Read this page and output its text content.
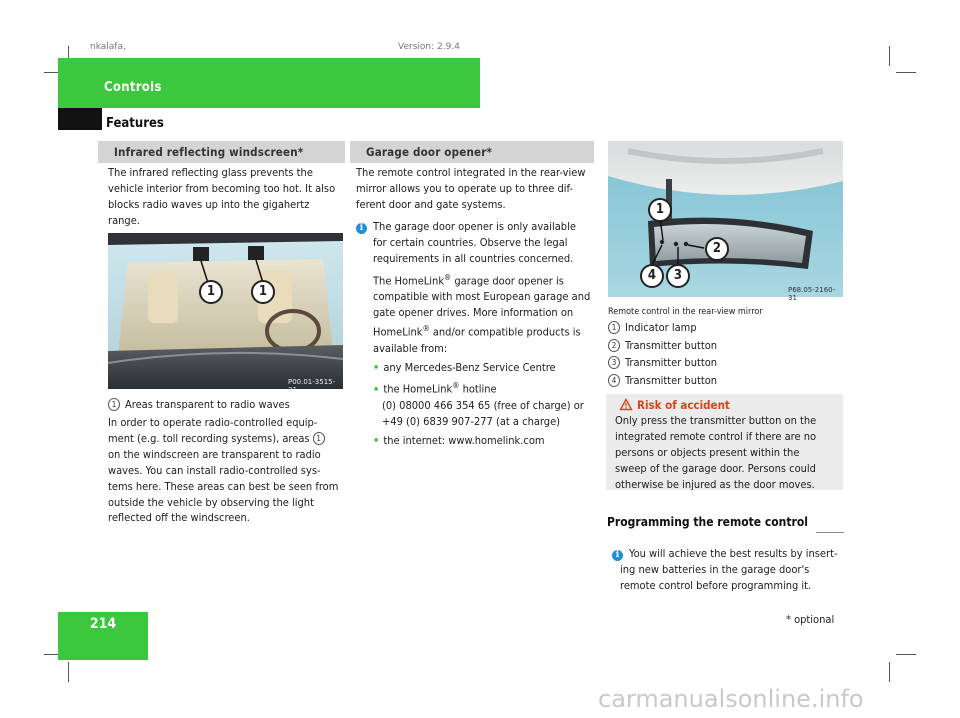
nkalafa,	Version: 2.9.4
Controls
Features
Infrared reflecting windscreen*
The infrared reflecting glass prevents the
vehicle interior from becoming too hot. It also
blocks radio waves up into the gigahertz
range.
1	1
P00.01-3515-31
1 Areas transparent to radio waves
In order to operate radio-controlled equip-
ment (e.g. toll recording systems), areas 1
on the windscreen are transparent to radio
waves. You can install radio-controlled sys-
tems here. These areas can best be seen from
outside the vehicle by observing the light
reflected off the windscreen.
Garage door opener*
The remote control integrated in the rear-view
mirror allows you to operate up to three dif-
ferent door and gate systems.
i The garage door opener is only available
for certain countries. Observe the legal
requirements in all countries concerned.
The HomeLink® garage door opener is
compatible with most European garage and
gate opener drives. More information on
HomeLink® and/or compatible products is
available from:
• any Mercedes-Benz Service Centre
• the HomeLink® hotline
(0) 08000 466 354 65 (free of charge) or
+49 (0) 6839 907-277 (at a charge)
• the internet: www.homelink.com
1
2
4	3
P68.05-2160-31
Remote control in the rear-view mirror
1 Indicator lamp
2 Transmitter button
3 Transmitter button
4 Transmitter button
Risk of accident
Only press the transmitter button on the
integrated remote control if there are no
persons or objects present within the
sweep of the garage door. Persons could
otherwise be injured as the door moves.
Programming the remote control
i You will achieve the best results by insert-
ing new batteries in the garage door's
remote control before programming it.
214	* optional
carmanualsonline.info
